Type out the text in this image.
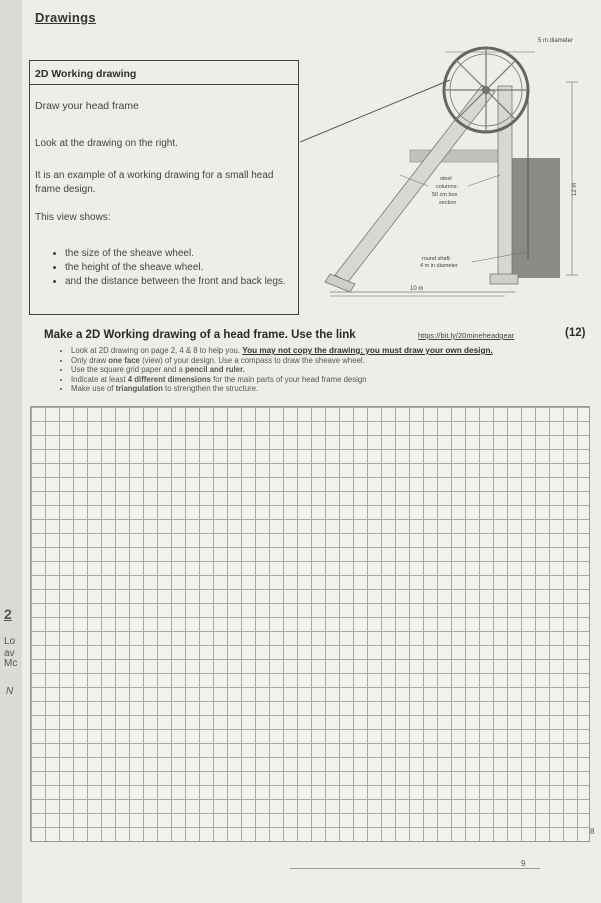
2
Lo
av
Mc
N
Drawings
2D Working drawing
Draw your head frame
Look at the drawing on the right.
It is an example of a working drawing for a small head frame design.
This view shows:
• the size of the sheave wheel.
• the height of the sheave wheel.
• and the distance between the front and back legs.
5 m diameter
12 m
steel
columns:
50 cm box
section
round shaft:
4 m in diameter
10 m
Make a 2D Working drawing of a head frame. Use the link	https://bit.ly/20mineheadgear	(12)
• Look at 2D drawing on page 2, 4 & 8 to help you. You may not copy the drawing; you must draw your own design.
• Only draw one face (view) of your design. Use a compass to draw the sheave wheel.
• Use the square grid paper and a pencil and ruler.
• Indicate at least 4 different dimensions for the main parts of your head frame design
• Make use of triangulation to strengthen the structure.
8
9
